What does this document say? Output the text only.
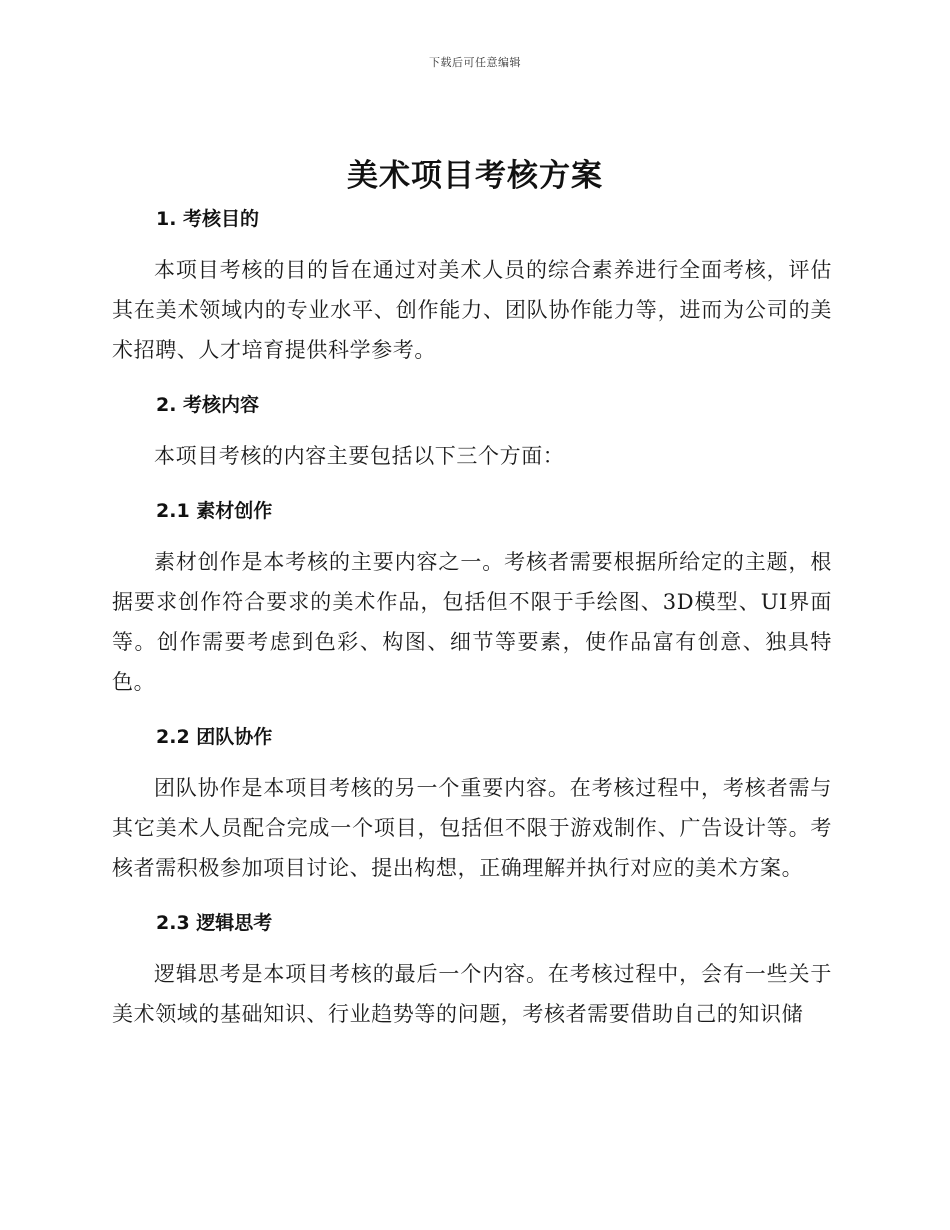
下载后可任意编辑
美术项目考核方案

1. 考核目的

本项目考核的目的旨在通过对美术人员的综合素养进行全面考核，评估其在美术领域内的专业水平、创作能力、团队协作能力等，进而为公司的美术招聘、人才培育提供科学参考。

2. 考核内容

本项目考核的内容主要包括以下三个方面：

2.1 素材创作

素材创作是本考核的主要内容之一。考核者需要根据所给定的主题，根据要求创作符合要求的美术作品，包括但不限于手绘图、3D模型、UI界面等。创作需要考虑到色彩、构图、细节等要素，使作品富有创意、独具特色。

2.2 团队协作

团队协作是本项目考核的另一个重要内容。在考核过程中，考核者需与其它美术人员配合完成一个项目，包括但不限于游戏制作、广告设计等。考核者需积极参加项目讨论、提出构想，正确理解并执行对应的美术方案。

2.3 逻辑思考

逻辑思考是本项目考核的最后一个内容。在考核过程中，会有一些关于美术领域的基础知识、行业趋势等的问题，考核者需要借助自己的知识储
